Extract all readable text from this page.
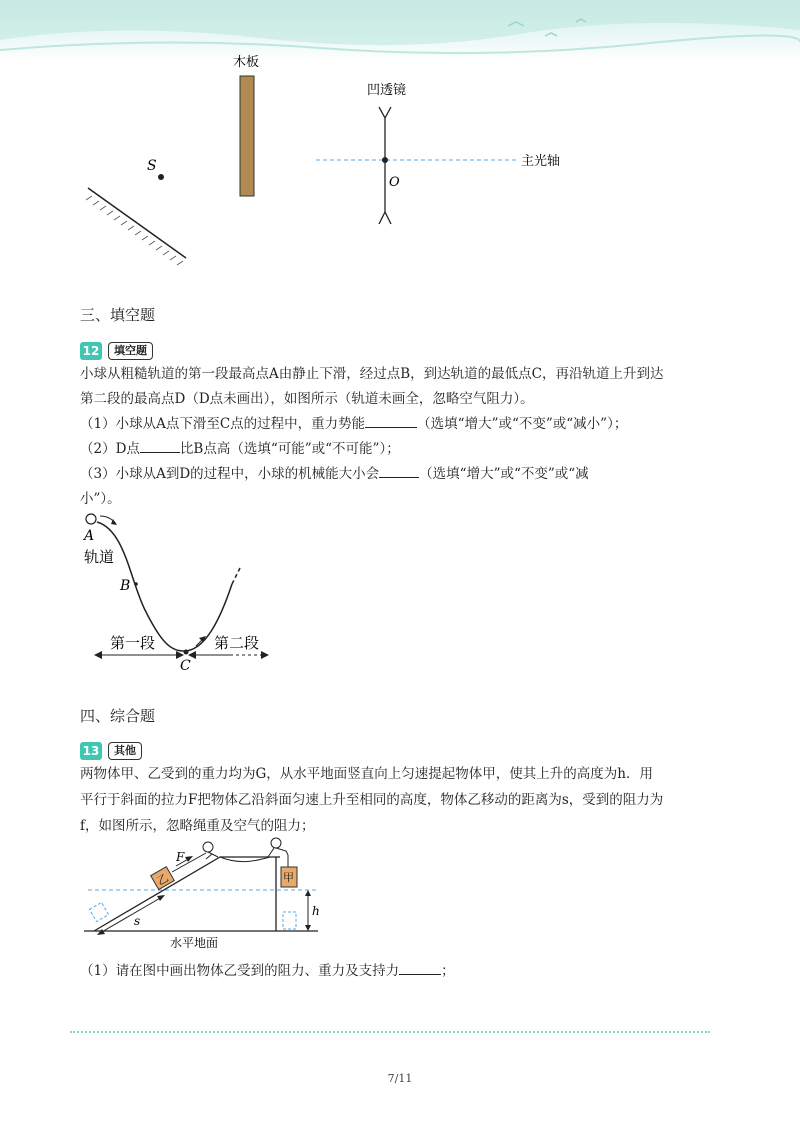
S
木板
凹透镜
O
主光轴
三、填空题
12	填空题
小球从粗糙轨道的第一段最高点A由静止下滑，经过点B，到达轨道的最低点C，再沿轨道上升到达
第二段的最高点D（D点未画出），如图所示（轨道未画全，忽略空气阻力）。
（1）小球从A点下滑至C点的过程中，重力势能	（选填“增大”或“不变”或“减小”）；
（2）D点	比B点高（选填“可能”或“不可能”）；
（3）小球从A到D的过程中，小球的机械能大小会	（选填“增大”或“不变”或“减
小”）。
A
轨道
B
C
第一段	第二段
四、综合题
13	其他
两物体甲、乙受到的重力均为G，从水平地面竖直向上匀速提起物体甲，使其上升的高度为h．用
平行于斜面的拉力F把物体乙沿斜面匀速上升至相同的高度，物体乙移动的距离为s，受到的阻力为
f，如图所示，忽略绳重及空气的阻力；
乙
F
甲
h
s
水平地面
（1）请在图中画出物体乙受到的阻力、重力及支持力	；
7/11
